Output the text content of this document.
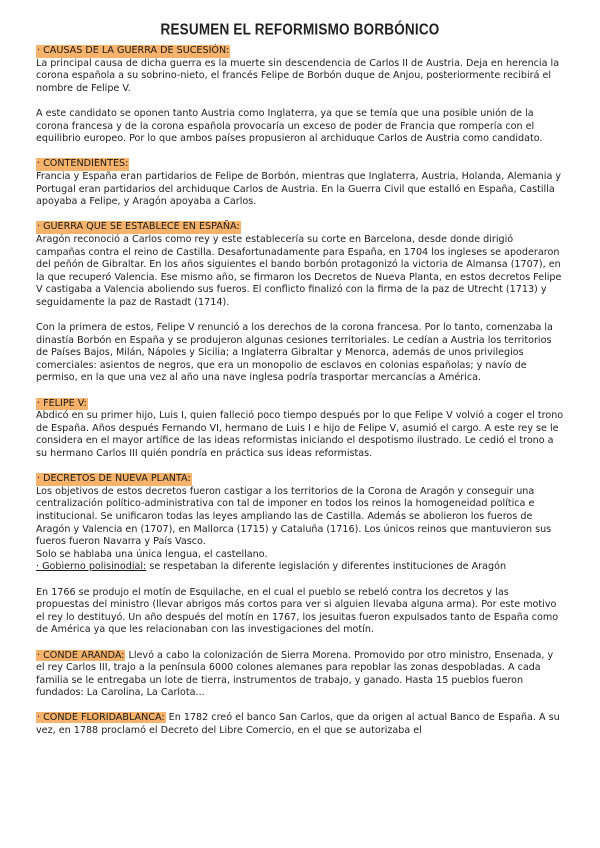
RESUMEN EL REFORMISMO BORBÓNICO
· CAUSAS DE LA GUERRA DE SUCESIÓN:

La principal causa de dicha guerra es la muerte sin descendencia de Carlos II de Austria. Deja en herencia la corona española a su sobrino-nieto, el francés Felipe de Borbón duque de Anjou, posteriormente recibirá el nombre de Felipe V.

A este candidato se oponen tanto Austria como Inglaterra, ya que se temía que una posible unión de la corona francesa y de la corona española provocaría un exceso de poder de Francia que rompería con el equilibrio europeo. Por lo que ambos países propusieron al archiduque Carlos de Austria como candidato.

· CONTENDIENTES:

Francia y España eran partidarios de Felipe de Borbón, mientras que Inglaterra, Austria, Holanda, Alemania y Portugal eran partidarios del archiduque Carlos de Austria. En la Guerra Civil que estalló en España, Castilla apoyaba a Felipe, y Aragón apoyaba a Carlos.

· GUERRA QUE SE ESTABLECE EN ESPAÑA:

Aragón reconoció a Carlos como rey y este establecería su corte en Barcelona, desde donde dirigió campañas contra el reino de Castilla. Desafortunadamente para España, en 1704 los ingleses se apoderaron del peñón de Gibraltar. En los años siguientes el bando borbón protagonizó la victoria de Almansa (1707), en la que recuperó Valencia. Ese mismo año, se firmaron los Decretos de Nueva Planta, en estos decretos Felipe V castigaba a Valencia aboliendo sus fueros. El conflicto finalizó con la firma de la paz de Utrecht (1713) y seguidamente la paz de Rastadt (1714).

Con la primera de estos, Felipe V renunció a los derechos de la corona francesa. Por lo tanto, comenzaba la dinastía Borbón en España y se produjeron algunas cesiones territoriales. Le cedían a Austria los territorios de Países Bajos, Milán, Nápoles y Sicilia; a Inglaterra Gibraltar y Menorca, además de unos privilegios comerciales: asientos de negros, que era un monopolio de esclavos en colonias españolas; y navío de permiso, en la que una vez al año una nave inglesa podría trasportar mercancías a América.

· FELIPE V:

Abdicó en su primer hijo, Luis I, quien falleció poco tiempo después por lo que Felipe V volvió a coger el trono de España. Años después Fernando VI, hermano de Luis I e hijo de Felipe V, asumió el cargo. A este rey se le considera en el mayor artífice de las ideas reformistas iniciando el despotismo ilustrado. Le cedió el trono a su hermano Carlos III quién pondría en práctica sus ideas reformistas.

· DECRETOS DE NUEVA PLANTA:

Los objetivos de estos decretos fueron castigar a los territorios de la Corona de Aragón y conseguir una centralización político-administrativa con tal de imponer en todos los reinos la homogeneidad política e institucional. Se unificaron todas las leyes ampliando las de Castilla. Además se abolieron los fueros de Aragón y Valencia en (1707), en Mallorca (1715) y Cataluña (1716). Los únicos reinos que mantuvieron sus fueros fueron Navarra y País Vasco.

Solo se hablaba una única lengua, el castellano.

· Gobierno polisinodial: se respetaban la diferente legislación y diferentes instituciones de Aragón

En 1766 se produjo el motín de Esquilache, en el cual el pueblo se rebeló contra los decretos y las propuestas del ministro (llevar abrigos más cortos para ver si alguien llevaba alguna arma). Por este motivo el rey lo destituyó. Un año después del motín en 1767, los jesuitas fueron expulsados tanto de España como de América ya que les relacionaban con las investigaciones del motín.

· CONDE ARANDA: Llevó a cabo la colonización de Sierra Morena. Promovido por otro ministro, Ensenada, y el rey Carlos III, trajo a la península 6000 colones alemanes para repoblar las zonas despobladas. A cada familia se le entregaba un lote de tierra, instrumentos de trabajo, y ganado. Hasta 15 pueblos fueron fundados: La Carolina, La Carlota...

· CONDE FLORIDABLANCA: En 1782 creó el banco San Carlos, que da origen al actual Banco de España. A su vez, en 1788 proclamó el Decreto del Libre Comercio, en el que se autorizaba el
